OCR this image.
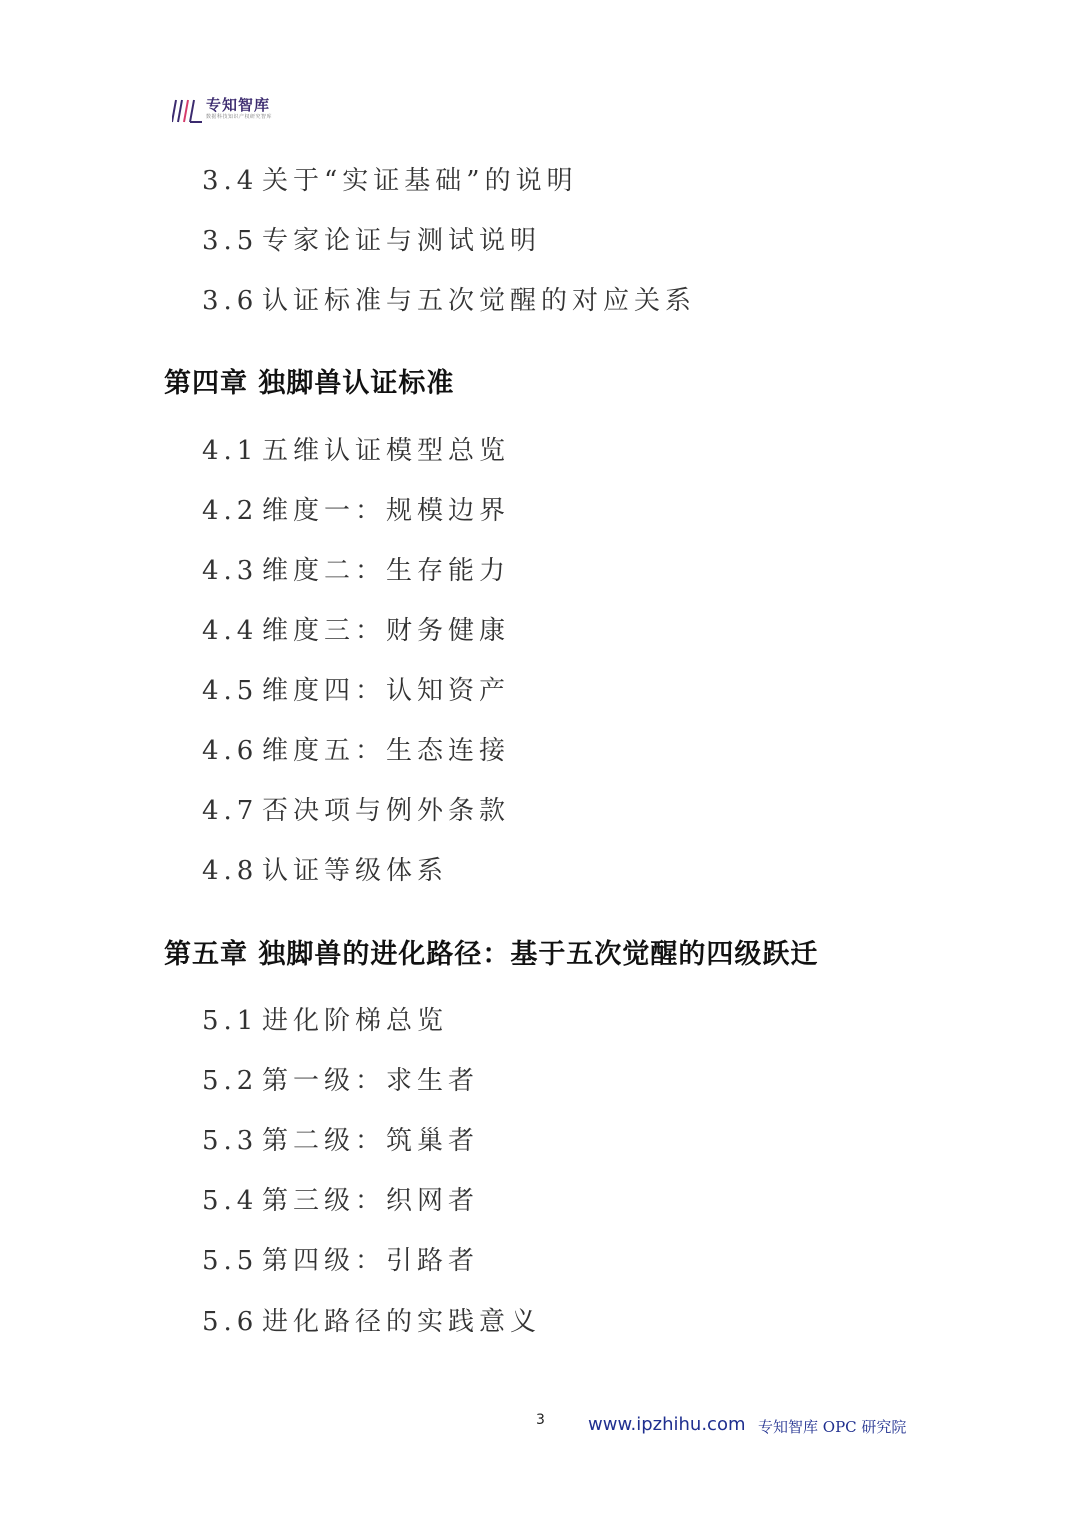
专知智库
数据科技知识产权研究智库
3.4 关于“实证基础”的说明
3.5 专家论证与测试说明
3.6 认证标准与五次觉醒的对应关系
第四章 独脚兽认证标准
4.1 五维认证模型总览
4.2 维度一：规模边界
4.3 维度二：生存能力
4.4 维度三：财务健康
4.5 维度四：认知资产
4.6 维度五：生态连接
4.7 否决项与例外条款
4.8 认证等级体系
第五章 独脚兽的进化路径：基于五次觉醒的四级跃迁
5.1 进化阶梯总览
5.2 第一级：求生者
5.3 第二级：筑巢者
5.4 第三级：织网者
5.5 第四级：引路者
5.6 进化路径的实践意义
3 www.ipzhihu.com 专知智库 OPC 研究院
